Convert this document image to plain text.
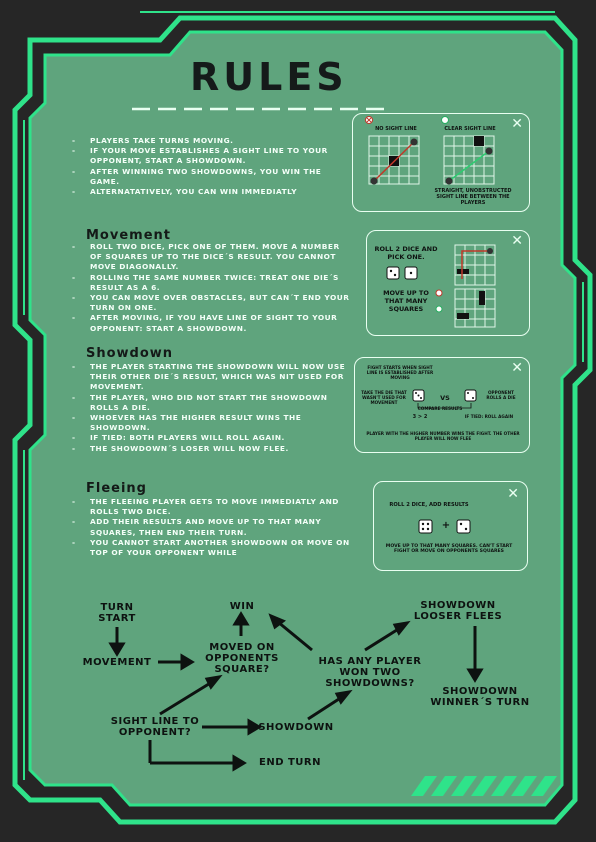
RULES
- PLAYERS TAKE TURNS MOVING.
- IF YOUR MOVE ESTABLISHES A SIGHT LINE TO YOUR OPPONENT, START A SHOWDOWN.
- AFTER WINNING TWO SHOWDOWNS, YOU WIN THE GAME.
- ALTERNATATIVELY, YOU CAN WIN IMMEDIATLY
✕
NO SIGHT LINE	CLEAR SIGHT LINE
STRAIGHT, UNOBSTRUCTED SIGHT LINE BETWEEN THE PLAYERS
Movement
- ROLL TWO DICE, PICK ONE OF THEM. MOVE A NUMBER OF SQUARES UP TO THE DICE´S RESULT. YOU CANNOT MOVE DIAGONALLY.
- ROLLING THE SAME NUMBER TWICE: TREAT ONE DIE´S RESULT AS A 6.
- YOU CAN MOVE OVER OBSTACLES, BUT CAN´T END YOUR TURN ON ONE.
- AFTER MOVING, IF YOU HAVE LINE OF SIGHT TO YOUR OPPONENT: START A SHOWDOWN.
✕
ROLL 2 DICE AND PICK ONE.
MOVE UP TO THAT MANY SQUARES
Showdown
- THE PLAYER STARTING THE SHOWDOWN WILL NOW USE THEIR OTHER DIE´S RESULT, WHICH WAS NIT USED FOR MOVEMENT.
- THE PLAYER, WHO DID NOT START THE SHOWDOWN ROLLS A DIE.
- WHOEVER HAS THE HIGHER RESULT WINS THE SHOWDOWN.
- IF TIED: BOTH PLAYERS WILL ROLL AGAIN.
- THE SHOWDOWN´S LOSER WILL NOW FLEE.
✕
FIGHT STARTS WHEN SIGHT LINE IS ESTABLISHED AFTER MOVING
TAKE THE DIE THAT WASN'T USED FOR MOVEMENT
VS
OPPONENT ROLLS A DIE
COMPARE RESULTS
3 > 2	IF TIED: ROLL AGAIN
PLAYER WITH THE HIGHER NUMBER WINS THE FIGHT. THE OTHER PLAYER WILL NOW FLEE
Fleeing
- THE FLEEING PLAYER GETS TO MOVE IMMEDIATLY AND ROLLS TWO DICE.
- ADD THEIR RESULTS AND MOVE UP TO THAT MANY SQUARES, THEN END THEIR TURN.
- YOU CANNOT START ANOTHER SHOWDOWN OR MOVE ON TOP OF YOUR OPPONENT WHILE
✕
ROLL 2 DICE, ADD RESULTS
+
MOVE UP TO THAT MANY SQUARES. CAN'T START FIGHT OR MOVE ON OPPONENTS SQUARES
TURN START
MOVEMENT
MOVED ON OPPONENTS SQUARE?
WIN
SIGHT LINE TO OPPONENT?	SHOWDOWN
HAS ANY PLAYER WON TWO SHOWDOWNS?
SHOWDOWN LOOSER FLEES
SHOWDOWN WINNER´S TURN
END TURN
